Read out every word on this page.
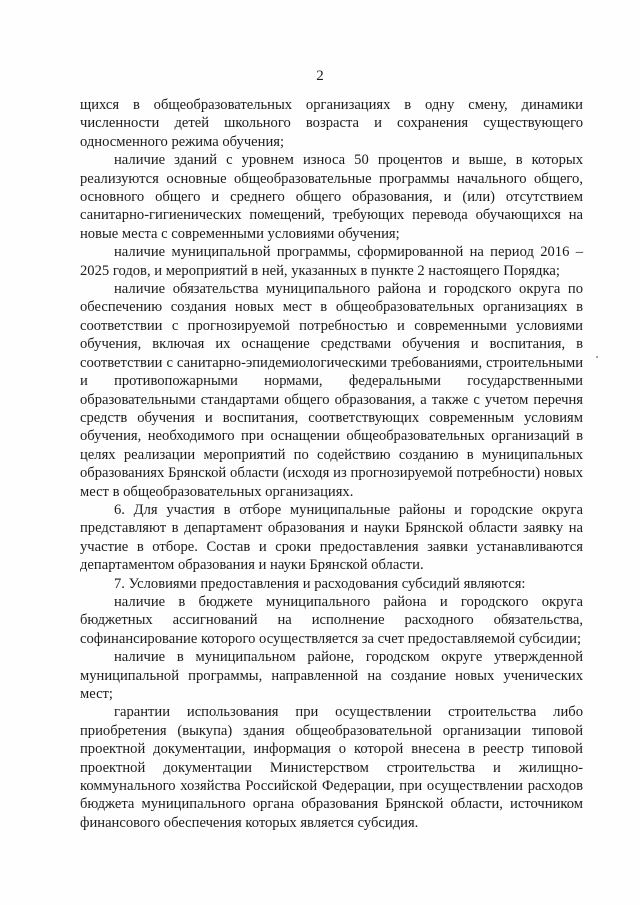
2

щихся в общеобразовательных организациях в одну смену, динамики численности детей школьного возраста и сохранения существующего односменного режима обучения;

наличие зданий с уровнем износа 50 процентов и выше, в которых реализуются основные общеобразовательные программы начального общего, основного общего и среднего общего образования, и (или) отсутствием санитарно-гигиенических помещений, требующих перевода обучающихся на новые места с современными условиями обучения;

наличие муниципальной программы, сформированной на период 2016 – 2025 годов, и мероприятий в ней, указанных в пункте 2 настоящего Порядка;

наличие обязательства муниципального района и городского округа по обеспечению создания новых мест в общеобразовательных организациях в соответствии с прогнозируемой потребностью и современными условиями обучения, включая их оснащение средствами обучения и воспитания, в соответствии с санитарно-эпидемиологическими требованиями, строительными и противопожарными нормами, федеральными государственными образовательными стандартами общего образования, а также с учетом перечня средств обучения и воспитания, соответствующих современным условиям обучения, необходимого при оснащении общеобразовательных организаций в целях реализации мероприятий по содействию созданию в муниципальных образованиях Брянской области (исходя из прогнозируемой потребности) новых мест в общеобразовательных организациях.

6. Для участия в отборе муниципальные районы и городские округа представляют в департамент образования и науки Брянской области заявку на участие в отборе. Состав и сроки предоставления заявки устанавливаются департаментом образования и науки Брянской области.

7. Условиями предоставления и расходования субсидий являются:

наличие в бюджете муниципального района и городского округа бюджетных ассигнований на исполнение расходного обязательства, софинансирование которого осуществляется за счет предоставляемой субсидии;

наличие в муниципальном районе, городском округе утвержденной муниципальной программы, направленной на создание новых ученических мест;

гарантии использования при осуществлении строительства либо приобретения (выкупа) здания общеобразовательной организации типовой проектной документации, информация о которой внесена в реестр типовой проектной документации Министерством строительства и жилищно-коммунального хозяйства Российской Федерации, при осуществлении расходов бюджета муниципального органа образования Брянской области, источником финансового обеспечения которых является субсидия.
